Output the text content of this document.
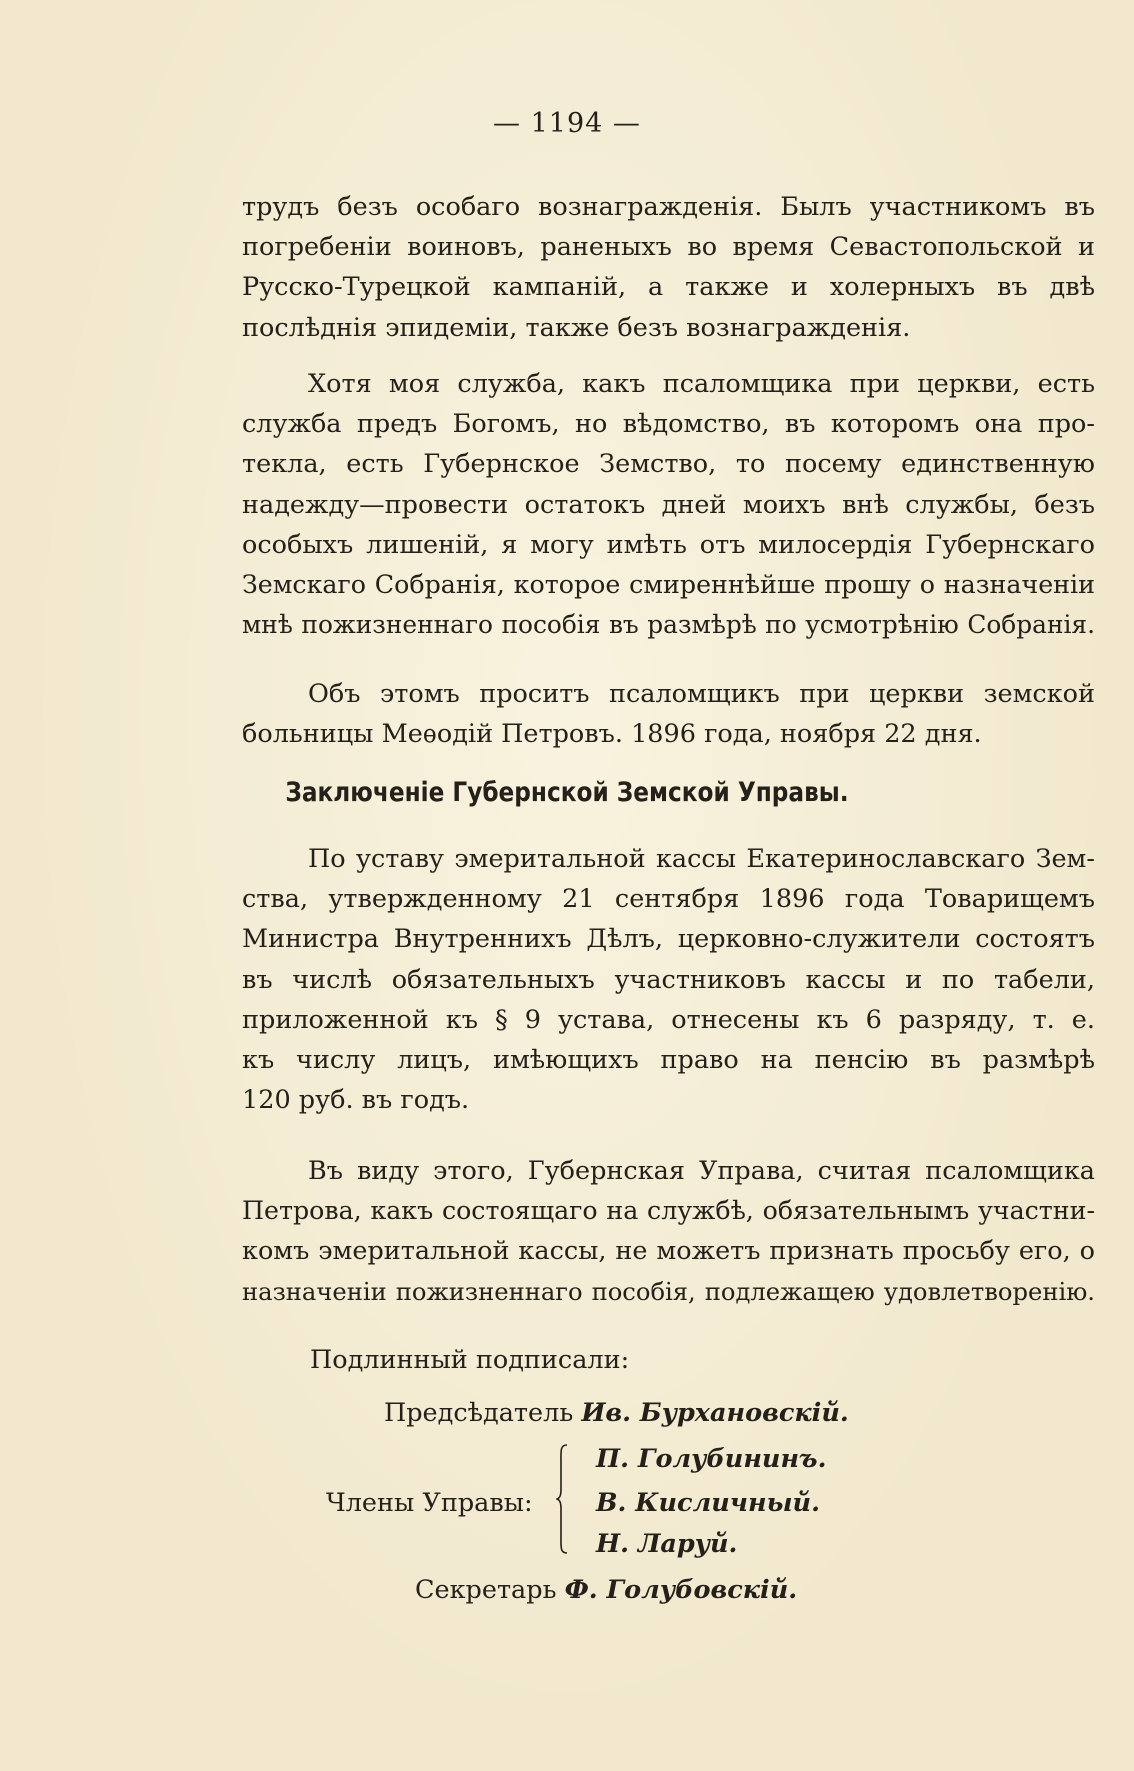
— 1194 —
трудъ безъ особаго вознагражденія. Былъ участникомъ въ
погребеніи воиновъ, раненыхъ во время Севастопольской и
Русско-Турецкой кампаній, а также и холерныхъ въ двѣ
послѣднія эпидеміи, также безъ вознагражденія.
Хотя моя служба, какъ псаломщика при церкви, есть
служба предъ Богомъ, но вѣдомство, въ которомъ она про-
текла, есть Губернское Земство, то посему единственную
надежду—провести остатокъ дней моихъ внѣ службы, безъ
особыхъ лишеній, я могу имѣть отъ милосердія Губернскаго
Земскаго Собранія, которое смиреннѣйше прошу о назначеніи
мнѣ пожизненнаго пособія въ размѣрѣ по усмотрѣнію Собранія.
Объ этомъ проситъ псаломщикъ при церкви земской
больницы Меѳодій Петровъ. 1896 года, ноября 22 дня.
Заключеніе Губернской Земской Управы.
По уставу эмеритальной кассы Екатеринославскаго Зем-
ства, утвержденному 21 сентября 1896 года Товарищемъ
Министра Внутреннихъ Дѣлъ, церковно-служители состоятъ
въ числѣ обязательныхъ участниковъ кассы и по табели,
приложенной къ § 9 устава, отнесены къ 6 разряду, т. е.
къ числу лицъ, имѣющихъ право на пенсію въ размѣрѣ
120 руб. въ годъ.
Въ виду этого, Губернская Управа, считая псаломщика
Петрова, какъ состоящаго на службѣ, обязательнымъ участни-
комъ эмеритальной кассы, не можетъ признать просьбу его, о
назначеніи пожизненнаго пособія, подлежащею удовлетворенію.
Подлинный подписали:
Предсѣдатель Ив. Бурхановскій.
Члены Управы:
П. Голубининъ.
В. Кисличный.
Н. Ларуй.
Секретарь Ф. Голубовскій.
